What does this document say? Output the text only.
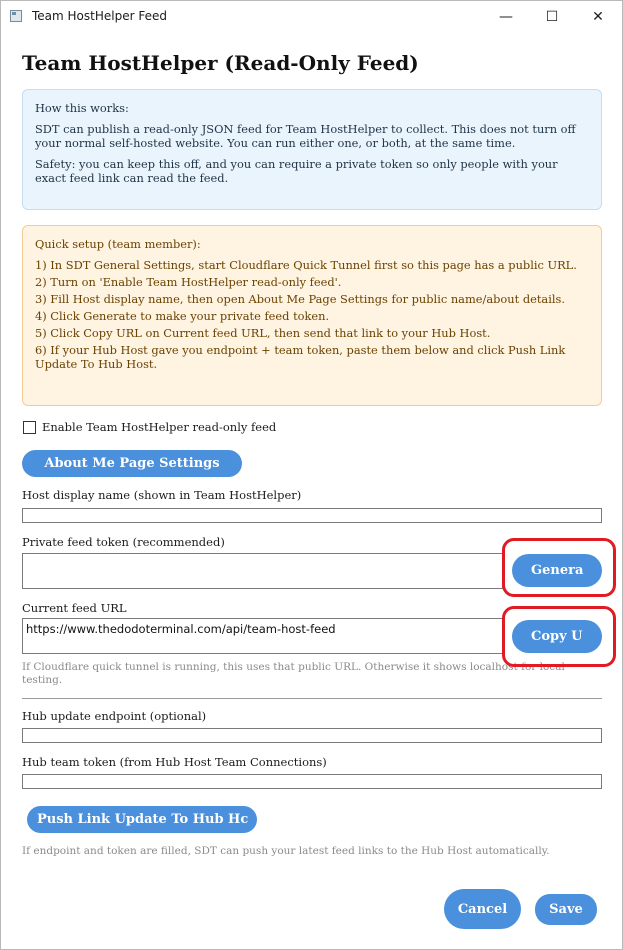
Team HostHelper Feed	—	☐	✕
Team HostHelper (Read-Only Feed)

How this works:

SDT can publish a read-only JSON feed for Team HostHelper to collect. This does not turn off your normal self-hosted website. You can run either one, or both, at the same time.

Safety: you can keep this off, and you can require a private token so only people with your exact feed link can read the feed.

Quick setup (team member):

1) In SDT General Settings, start Cloudflare Quick Tunnel first so this page has a public URL.

2) Turn on 'Enable Team HostHelper read-only feed'.

3) Fill Host display name, then open About Me Page Settings for public name/about details.

4) Click Generate to make your private feed token.

5) Click Copy URL on Current feed URL, then send that link to your Hub Host.

6) If your Hub Host gave you endpoint + team token, paste them below and click Push Link Update To Hub Host.

Enable Team HostHelper read-only feed
About Me Page Settings
Host display name (shown in Team HostHelper)
Private feed token (recommended)
Genera
Current feed URL
https://www.thedodoterminal.com/api/team-host-feed	Copy U
If Cloudflare quick tunnel is running, this uses that public URL. Otherwise it shows localhost for local testing.
Hub update endpoint (optional)
Hub team token (from Hub Host Team Connections)
Push Link Update To Hub Hc
If endpoint and token are filled, SDT can push your latest feed links to the Hub Host automatically.
Cancel	Save
